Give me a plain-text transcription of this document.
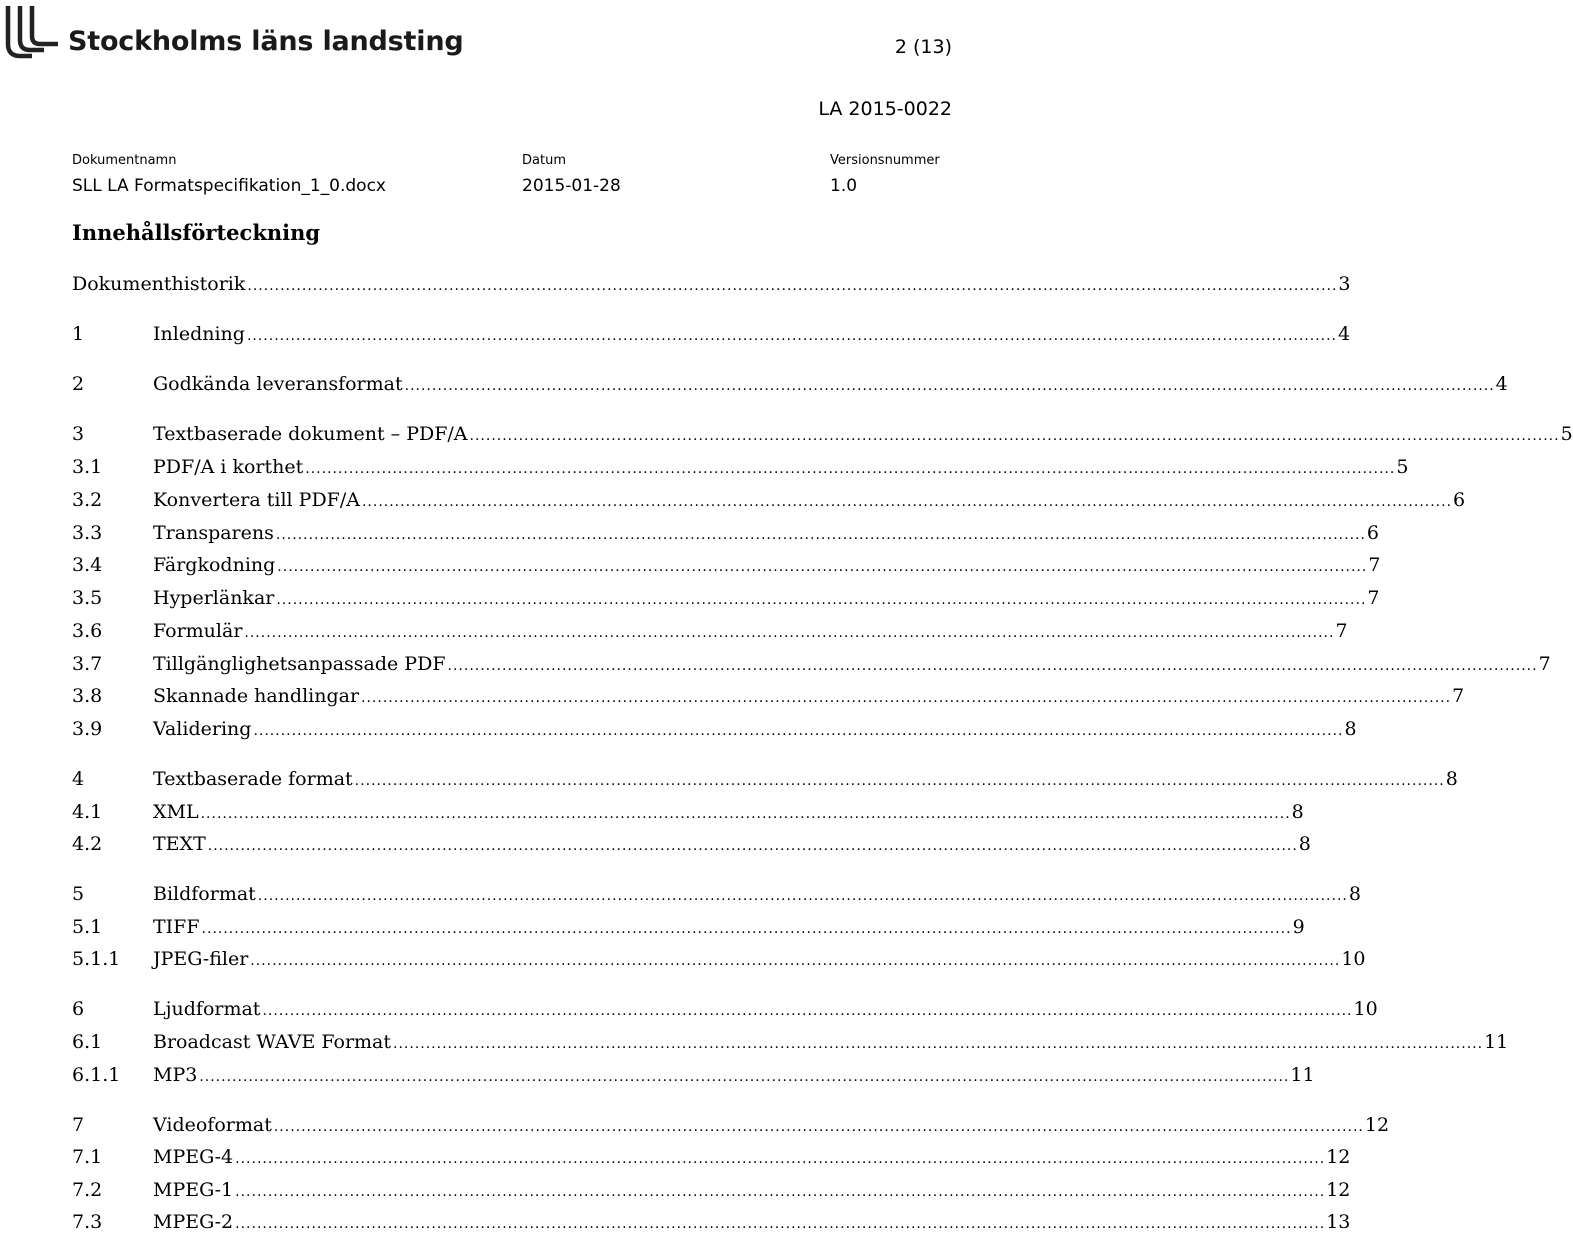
Stockholms läns landsting	2 (13)
LA 2015-0022
Dokumentnamn
SLL LA Formatspecifikation_1_0.docx
Datum
2015-01-28
Versionsnummer
1.0
Innehållsförteckning
Dokumenthistorik ........................................................................................................................................................................................................ 3
1	Inledning ........................................................................................................................................................................................................ 4
2	Godkända leveransformat ........................................................................................................................................................................................................ 4
3	Textbaserade dokument – PDF/A ........................................................................................................................................................................................................ 5
3.1	PDF/A i korthet ........................................................................................................................................................................................................ 5
3.2	Konvertera till PDF/A ........................................................................................................................................................................................................ 6
3.3	Transparens ........................................................................................................................................................................................................ 6
3.4	Färgkodning ........................................................................................................................................................................................................ 7
3.5	Hyperlänkar ........................................................................................................................................................................................................ 7
3.6	Formulär ........................................................................................................................................................................................................ 7
3.7	Tillgänglighetsanpassade PDF ........................................................................................................................................................................................................ 7
3.8	Skannade handlingar ........................................................................................................................................................................................................ 7
3.9	Validering ........................................................................................................................................................................................................ 8
4	Textbaserade format ........................................................................................................................................................................................................ 8
4.1	XML ........................................................................................................................................................................................................ 8
4.2	TEXT ........................................................................................................................................................................................................ 8
5	Bildformat ........................................................................................................................................................................................................ 8
5.1	TIFF ........................................................................................................................................................................................................ 9
5.1.1 JPEG-filer ........................................................................................................................................................................................................ 10
6	Ljudformat ........................................................................................................................................................................................................ 10
6.1	Broadcast WAVE Format ........................................................................................................................................................................................................ 11
6.1.1 MP3 ........................................................................................................................................................................................................ 11
7	Videoformat ........................................................................................................................................................................................................ 12
7.1	MPEG-4 ........................................................................................................................................................................................................ 12
7.2	MPEG-1 ........................................................................................................................................................................................................ 12
7.3	MPEG-2 ........................................................................................................................................................................................................ 13
